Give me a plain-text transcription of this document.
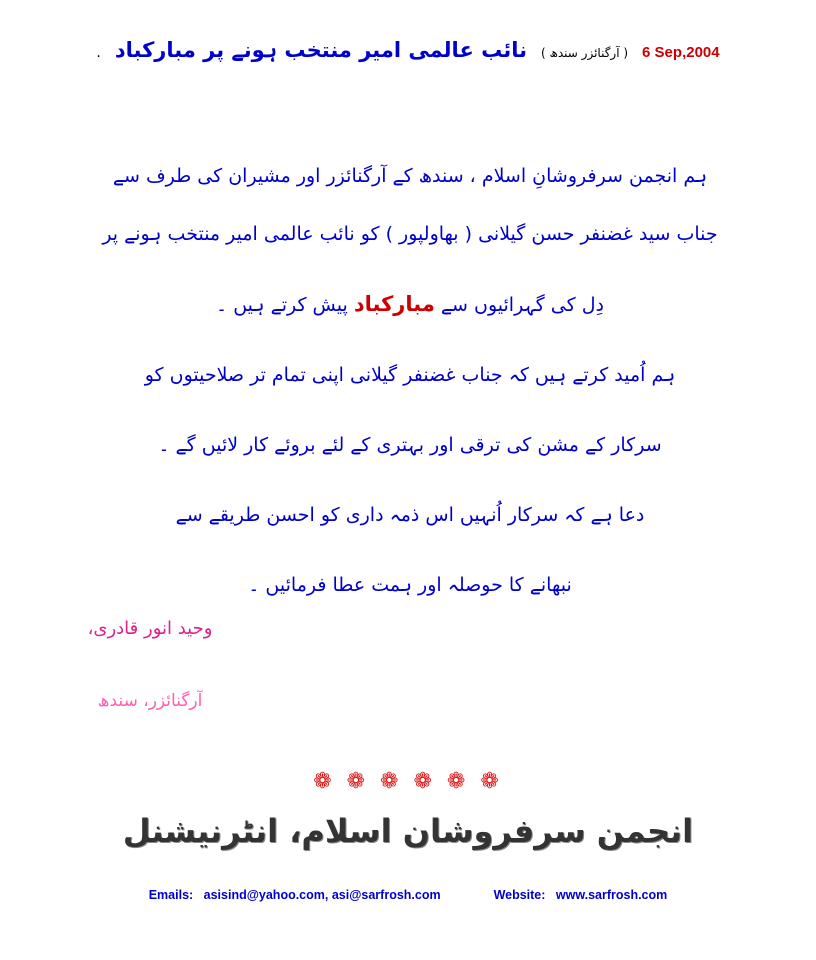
. نائب عالمی امیر منتخب ہونے پر مبارکباد ( آرگنائزر سندھ ) 6 Sep,2004

ہم انجمن سرفروشانِ اسلام ، سندھ کے آرگنائزر اور مشیران کی طرف سے

جناب سید غضنفر حسن گیلانی ( بھاولپور ) کو نائب عالمی امیر منتخب ہونے پر

دِل کی گہرائیوں سے مبارکباد پیش کرتے ہیں ۔

ہم اُمید کرتے ہیں کہ جناب غضنفر گیلانی اپنی تمام تر صلاحیتوں کو

سرکار کے مشن کی ترقی اور بہتری کے لئے بروئے کار لائیں گے ۔

دعا ہے کہ سرکار اُنہیں اس ذمہ داری کو احسن طریقے سے

نبھانے کا حوصلہ اور ہمت عطا فرمائیں ۔

وحید انور قادری،

آرگنائزر، سندھ

❁ ❁ ❁ ❁ ❁ ❁
انجمن سرفروشان اسلام، انٹرنیشنل
Emails: asisind@yahoo.com, asi@sarfrosh.com	Website: www.sarfrosh.com
